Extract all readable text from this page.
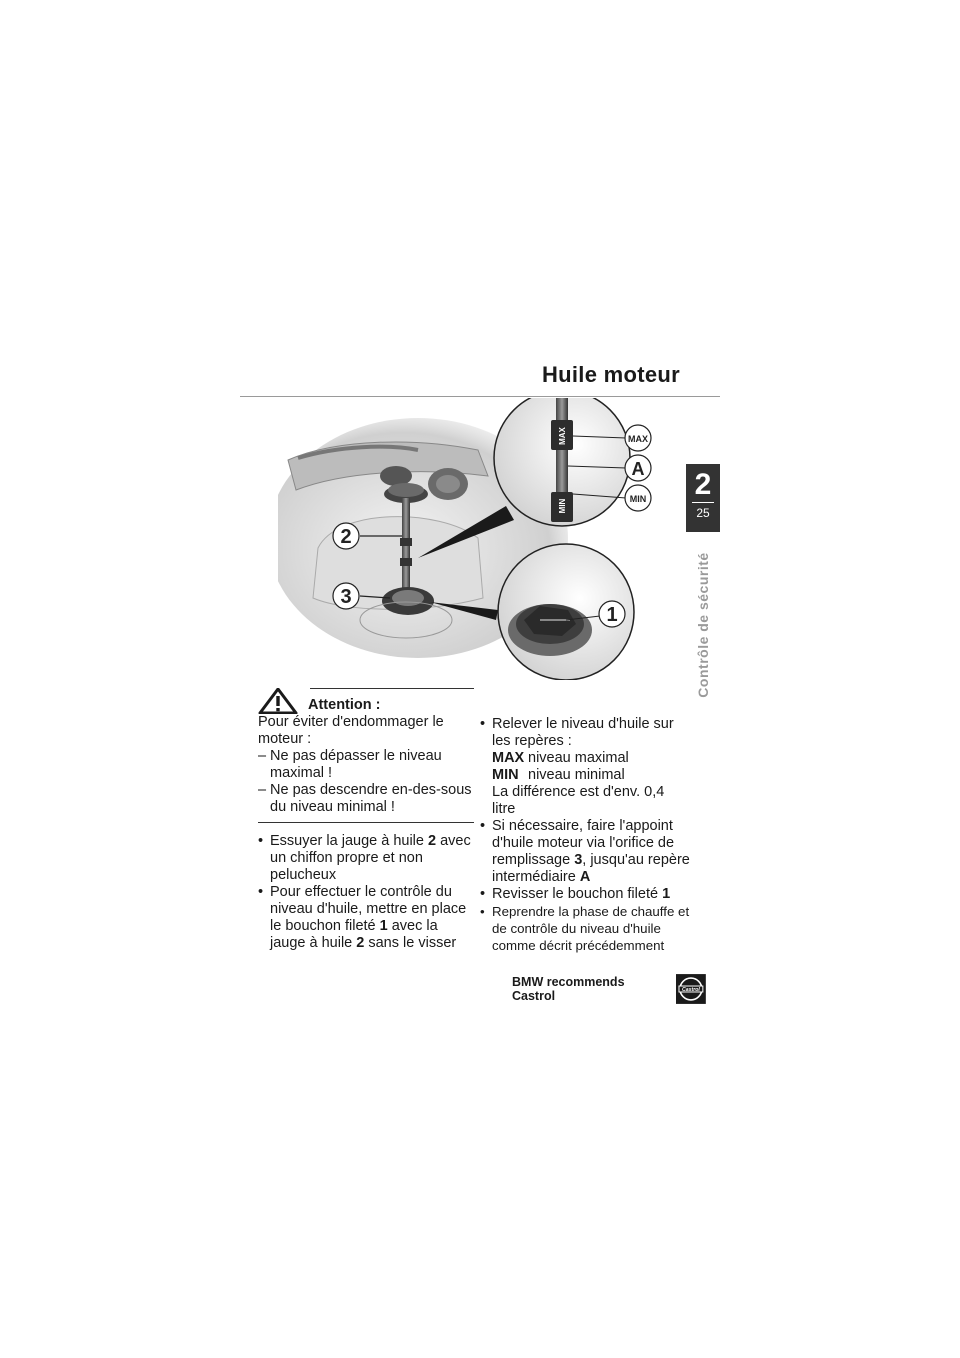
Huile moteur
2
25
Contrôle de sécurité
MAX
MIN
MAX
A
MIN
1
2
3
Attention :
Pour éviter d'endommager le moteur :
– Ne pas dépasser le niveau maximal !
– Ne pas descendre en-des-sous du niveau minimal !
• Essuyer la jauge à huile 2 avec un chiffon propre et non pelucheux
• Pour effectuer le contrôle du niveau d'huile, mettre en place le bouchon fileté 1 avec la jauge à huile 2 sans le visser
• Relever le niveau d'huile sur les repères :
MAX niveau maximal
MIN niveau minimal
La différence est d'env. 0,4 litre
• Si nécessaire, faire l'appoint d'huile moteur via l'orifice de remplissage 3, jusqu'au repère intermédiaire A
• Revisser le bouchon fileté 1
• Reprendre la phase de chauffe et de contrôle du niveau d'huile comme décrit précédemment
BMW recommends Castrol	Castrol
